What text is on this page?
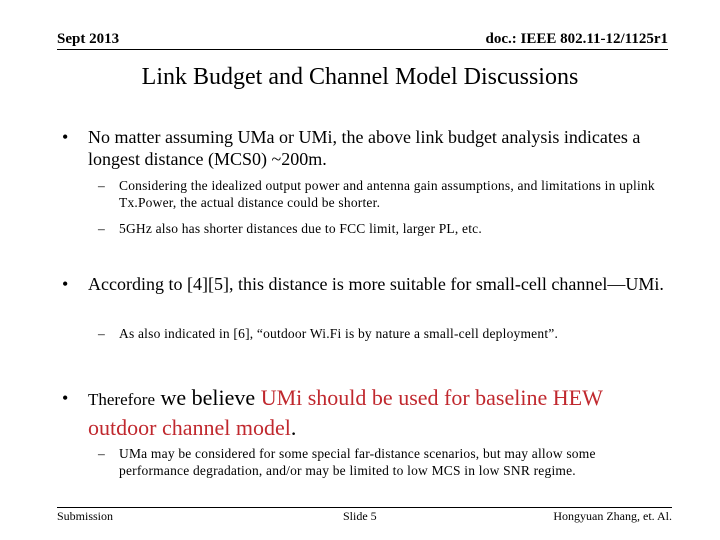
Sept 2013	doc.: IEEE 802.11-12/1125r1
Link Budget and Channel Model Discussions
• No matter assuming UMa or UMi, the above link budget analysis indicates a longest distance (MCS0) ~200m.
– Considering the idealized output power and antenna gain assumptions, and limitations in uplink Tx.Power, the actual distance could be shorter.
– 5GHz also has shorter distances due to FCC limit, larger PL, etc.
• According to [4][5], this distance is more suitable for small-cell channel—UMi.
– As also indicated in [6], “outdoor Wi.Fi is by nature a small-cell deployment”.
• Therefore we believe UMi should be used for baseline HEW outdoor channel model.
– UMa may be considered for some special far-distance scenarios, but may allow some performance degradation, and/or may be limited to low MCS in low SNR regime.
Submission	Slide 5	Hongyuan Zhang, et. Al.
